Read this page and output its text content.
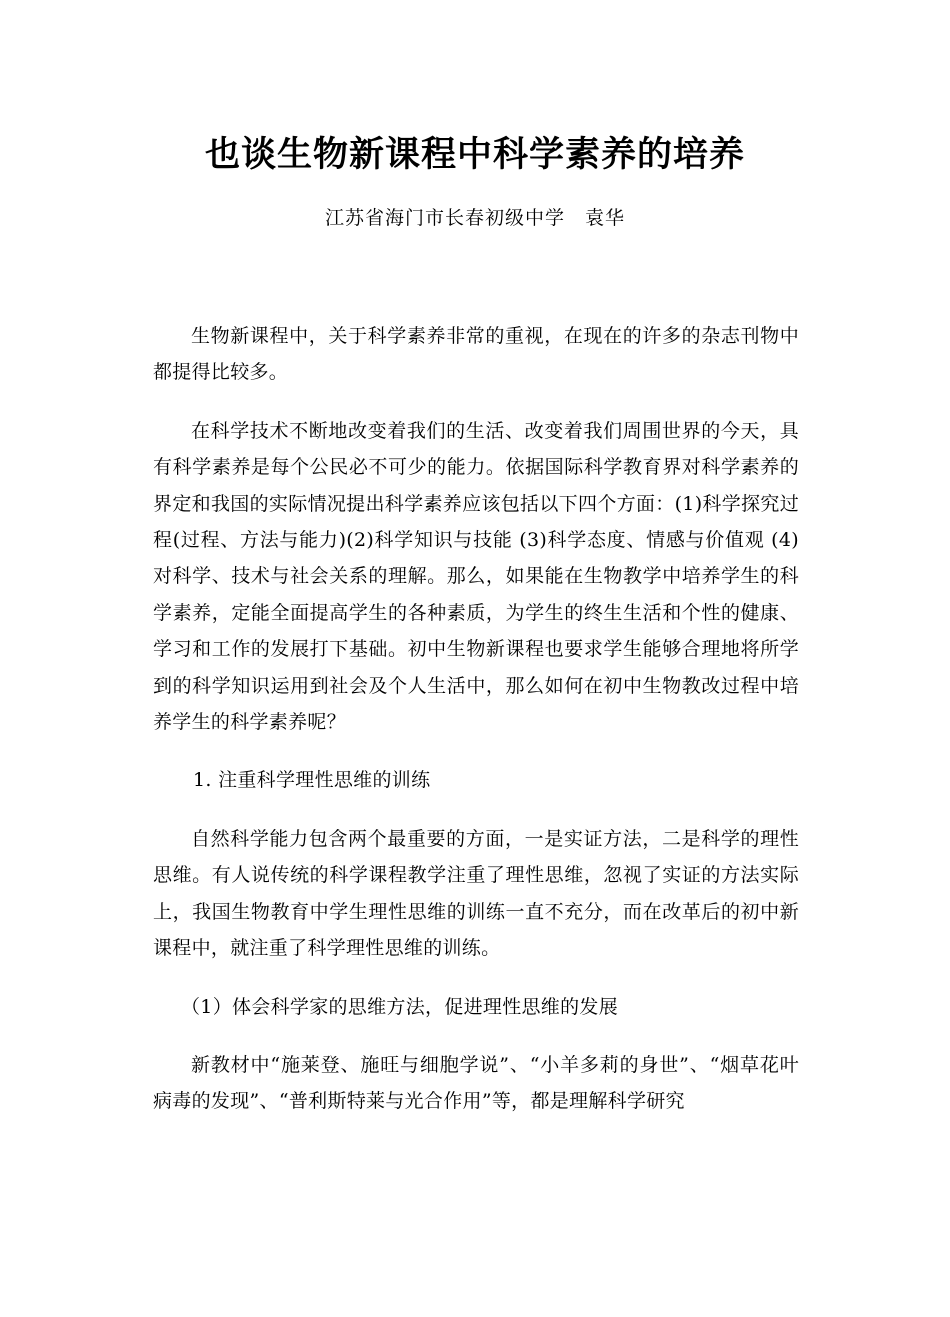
也谈生物新课程中科学素养的培养
江苏省海门市长春初级中学　袁华

生物新课程中，关于科学素养非常的重视，在现在的许多的杂志刊物中都提得比较多。

在科学技术不断地改变着我们的生活、改变着我们周围世界的今天，具有科学素养是每个公民必不可少的能力。依据国际科学教育界对科学素养的界定和我国的实际情况提出科学素养应该包括以下四个方面：(1)科学探究过程(过程、方法与能力)(2)科学知识与技能 (3)科学态度、情感与价值观 (4)对科学、技术与社会关系的理解。那么，如果能在生物教学中培养学生的科学素养，定能全面提高学生的各种素质，为学生的终生生活和个性的健康、学习和工作的发展打下基础。初中生物新课程也要求学生能够合理地将所学到的科学知识运用到社会及个人生活中，那么如何在初中生物教改过程中培养学生的科学素养呢？

1. 注重科学理性思维的训练

自然科学能力包含两个最重要的方面，一是实证方法，二是科学的理性思维。有人说传统的科学课程教学注重了理性思维，忽视了实证的方法实际上，我国生物教育中学生理性思维的训练一直不充分，而在改革后的初中新课程中，就注重了科学理性思维的训练。

（1）体会科学家的思维方法，促进理性思维的发展

新教材中“施莱登、施旺与细胞学说”、“小羊多莉的身世”、“烟草花叶病毒的发现”、“普利斯特莱与光合作用”等，都是理解科学研究
